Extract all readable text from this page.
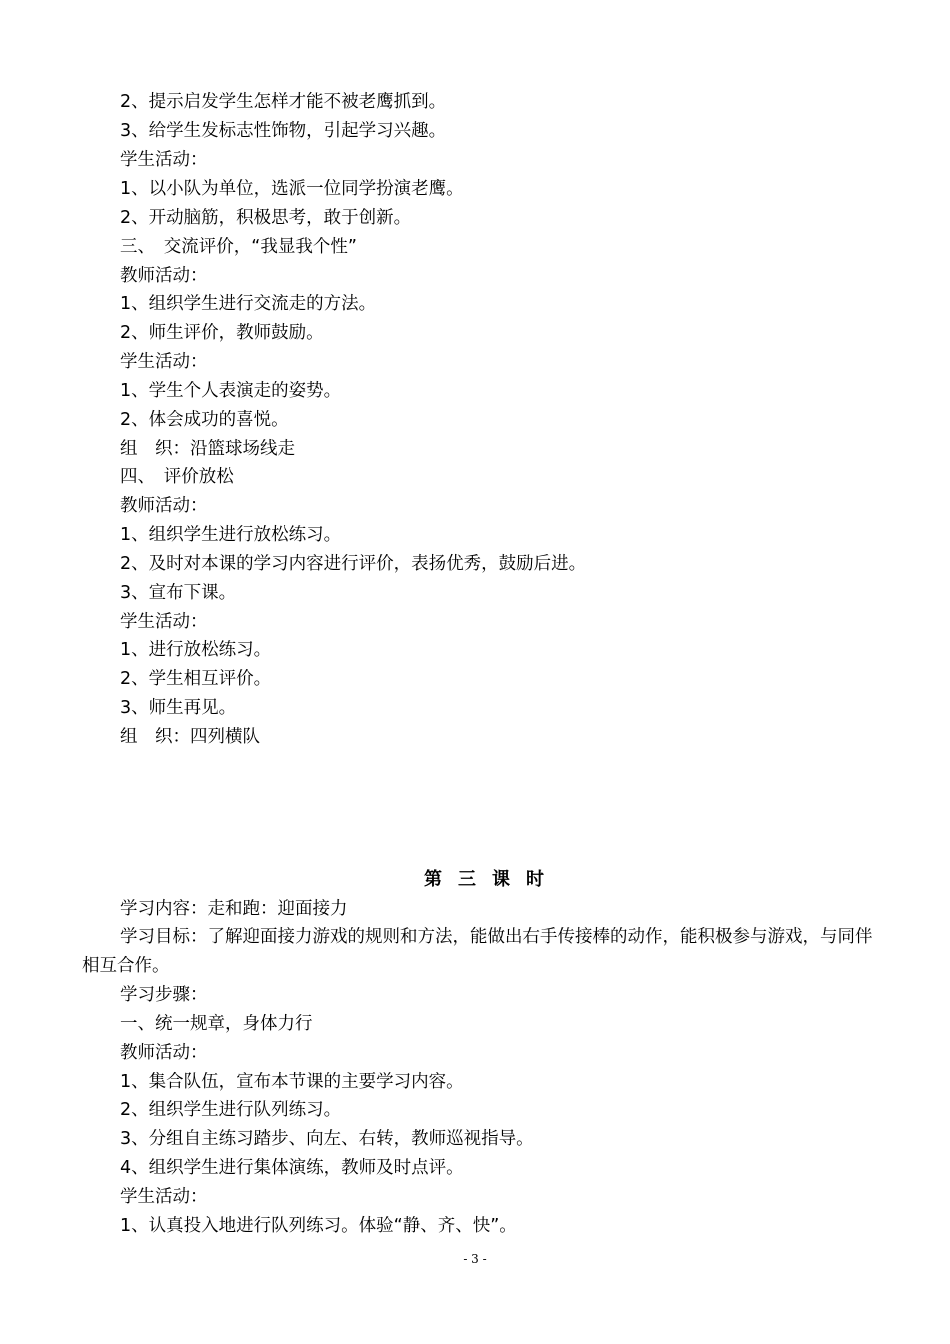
2、提示启发学生怎样才能不被老鹰抓到。
3、给学生发标志性饰物，引起学习兴趣。
学生活动：
1、以小队为单位，选派一位同学扮演老鹰。
2、开动脑筋，积极思考，敢于创新。
三、　交流评价，“我显我个性”
教师活动：
1、组织学生进行交流走的方法。
2、师生评价，教师鼓励。
学生活动：
1、学生个人表演走的姿势。
2、体会成功的喜悦。
组　织：沿篮球场线走
四、　评价放松
教师活动：
1、组织学生进行放松练习。
2、及时对本课的学习内容进行评价，表扬优秀，鼓励后进。
3、宣布下课。
学生活动：
1、进行放松练习。
2、学生相互评价。
3、师生再见。
组　织：四列横队
第三课时
学习内容：走和跑：迎面接力
学习目标：了解迎面接力游戏的规则和方法，能做出右手传接棒的动作，能积极参与游戏，与同伴相互合作。
学习步骤：
一、统一规章，身体力行
教师活动：
1、集合队伍，宣布本节课的主要学习内容。
2、组织学生进行队列练习。
3、分组自主练习踏步、向左、右转，教师巡视指导。
4、组织学生进行集体演练，教师及时点评。
学生活动：
1、认真投入地进行队列练习。体验“静、齐、快”。
- 3 -
